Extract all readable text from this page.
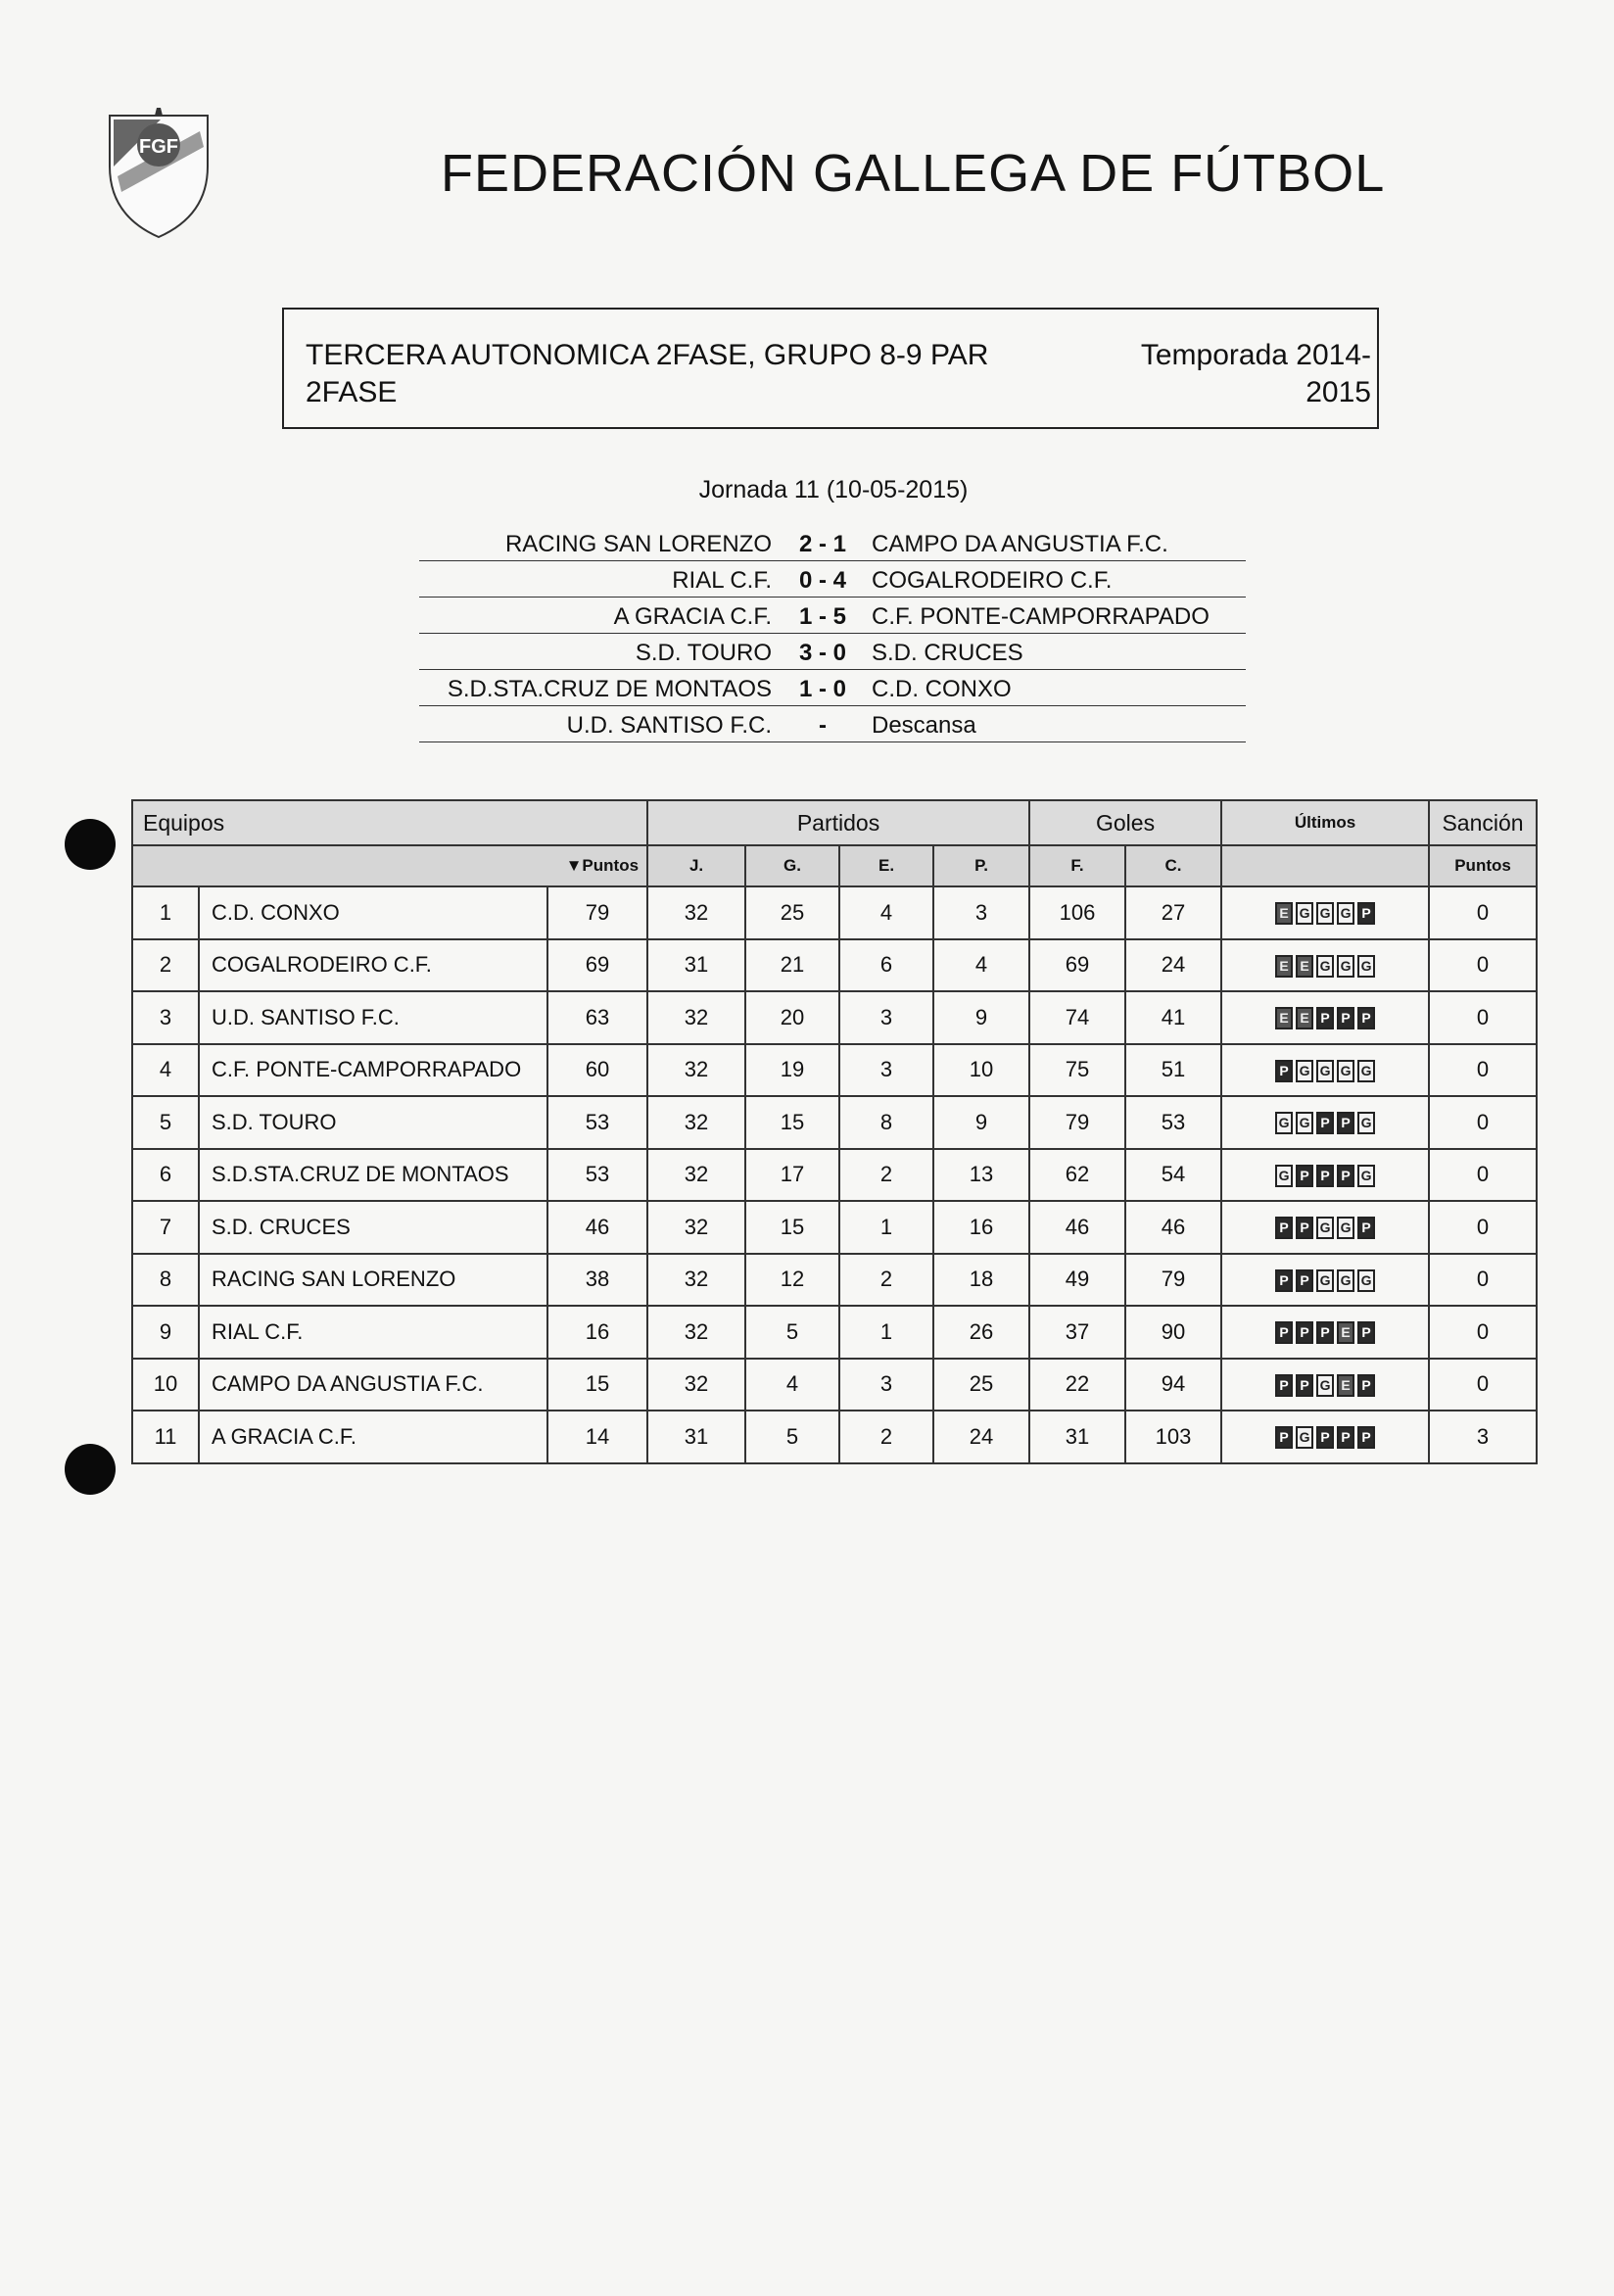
FGF	FEDERACIÓN GALLEGA DE FÚTBOL
TERCERA AUTONOMICA 2FASE, GRUPO 8-9 PAR 2FASE
Temporada 2014-2015
Jornada 11 (10-05-2015)
RACING SAN LORENZO	2 - 1	CAMPO DA ANGUSTIA F.C.
RIAL C.F.	0 - 4	COGALRODEIRO C.F.
A GRACIA C.F.	1 - 5	C.F. PONTE-CAMPORRAPADO
S.D. TOURO	3 - 0	S.D. CRUCES
S.D.STA.CRUZ DE MONTAOS	1 - 0	C.D. CONXO
U.D. SANTISO F.C.	-	Descansa
Equipos			Partidos				Goles		Últimos	Sanción
▼Puntos			J.	G.	E.	P.	F.	C.		Puntos
1	C.D. CONXO	79	32	25	4	3	106	27	E G G G P	0
2	COGALRODEIRO C.F.	69	31	21	6	4	69	24	E E G G G	0
3	U.D. SANTISO F.C.	63	32	20	3	9	74	41	E E P P P	0
4	C.F. PONTE-CAMPORRAPADO	60	32	19	3	10	75	51	P G G G G	0
5	S.D. TOURO	53	32	15	8	9	79	53	G G P P G	0
6	S.D.STA.CRUZ DE MONTAOS	53	32	17	2	13	62	54	G P P P G	0
7	S.D. CRUCES	46	32	15	1	16	46	46	P P G G P	0
8	RACING SAN LORENZO	38	32	12	2	18	49	79	P P G G G	0
9	RIAL C.F.	16	32	5	1	26	37	90	P P P E P	0
10	CAMPO DA ANGUSTIA F.C.	15	32	4	3	25	22	94	P P G E P	0
11	A GRACIA C.F.	14	31	5	2	24	31	103	P G P P P	3
